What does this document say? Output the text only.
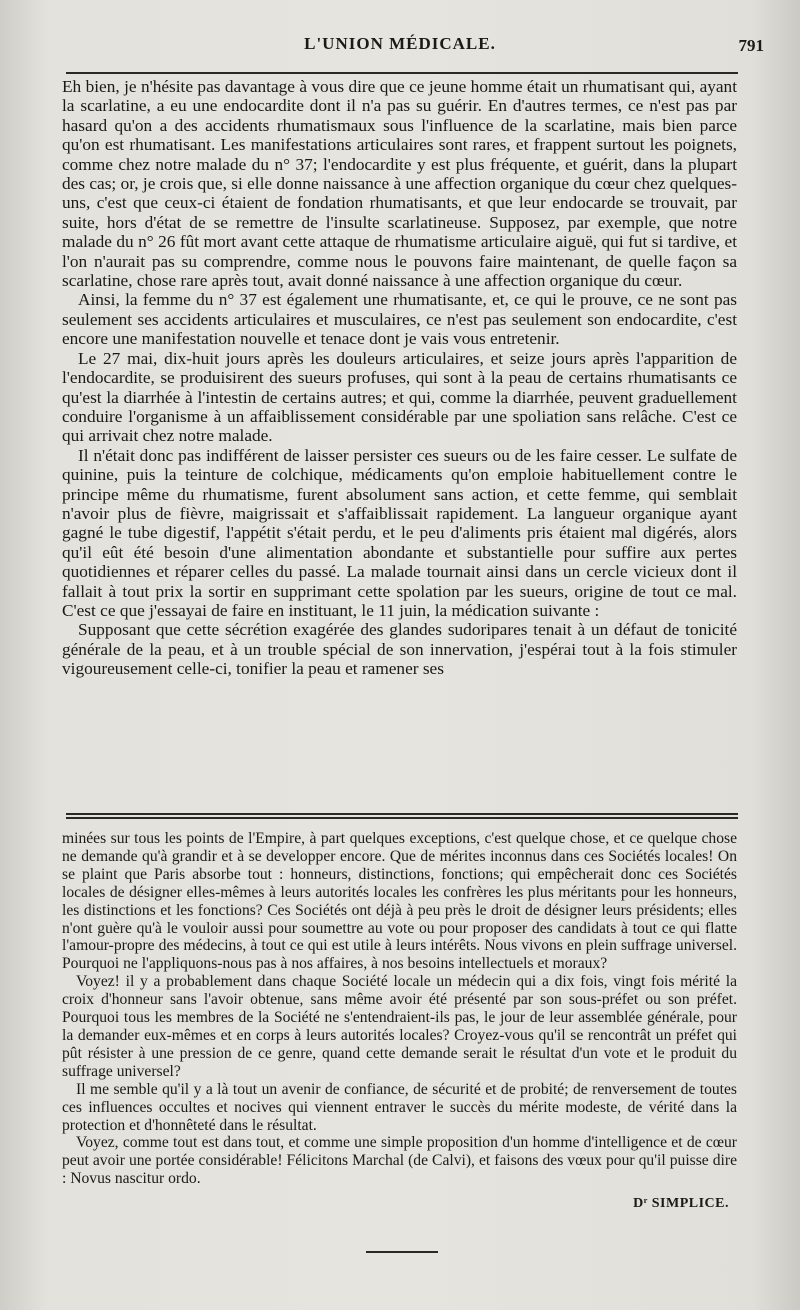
L'UNION MÉDICALE.	791

Eh bien, je n'hésite pas davantage à vous dire que ce jeune homme était un rhumatisant qui, ayant la scarlatine, a eu une endocardite dont il n'a pas su guérir. En d'autres termes, ce n'est pas par hasard qu'on a des accidents rhumatismaux sous l'influence de la scarlatine, mais bien parce qu'on est rhumatisant. Les manifestations articulaires sont rares, et frappent surtout les poignets, comme chez notre malade du n° 37; l'endocardite y est plus fréquente, et guérit, dans la plupart des cas; or, je crois que, si elle donne naissance à une affection organique du cœur chez quelques-uns, c'est que ceux-ci étaient de fondation rhumatisants, et que leur endocarde se trouvait, par suite, hors d'état de se remettre de l'insulte scarlatineuse. Supposez, par exemple, que notre malade du n° 26 fût mort avant cette attaque de rhumatisme articulaire aiguë, qui fut si tardive, et l'on n'aurait pas su comprendre, comme nous le pouvons faire maintenant, de quelle façon sa scarlatine, chose rare après tout, avait donné naissance à une affection organique du cœur.

Ainsi, la femme du n° 37 est également une rhumatisante, et, ce qui le prouve, ce ne sont pas seulement ses accidents articulaires et musculaires, ce n'est pas seulement son endocardite, c'est encore une manifestation nouvelle et tenace dont je vais vous entretenir.

Le 27 mai, dix-huit jours après les douleurs articulaires, et seize jours après l'apparition de l'endocardite, se produisirent des sueurs profuses, qui sont à la peau de certains rhumatisants ce qu'est la diarrhée à l'intestin de certains autres; et qui, comme la diarrhée, peuvent graduellement conduire l'organisme à un affaiblissement considérable par une spoliation sans relâche. C'est ce qui arrivait chez notre malade.

Il n'était donc pas indifférent de laisser persister ces sueurs ou de les faire cesser. Le sulfate de quinine, puis la teinture de colchique, médicaments qu'on emploie habituellement contre le principe même du rhumatisme, furent absolument sans action, et cette femme, qui semblait n'avoir plus de fièvre, maigrissait et s'affaiblissait rapidement. La langueur organique ayant gagné le tube digestif, l'appétit s'était perdu, et le peu d'aliments pris étaient mal digérés, alors qu'il eût été besoin d'une alimentation abondante et substantielle pour suffire aux pertes quotidiennes et réparer celles du passé. La malade tournait ainsi dans un cercle vicieux dont il fallait à tout prix la sortir en supprimant cette spolation par les sueurs, origine de tout ce mal. C'est ce que j'essayai de faire en instituant, le 11 juin, la médication suivante :

Supposant que cette sécrétion exagérée des glandes sudoripares tenait à un défaut de tonicité générale de la peau, et à un trouble spécial de son innervation, j'espérai tout à la fois stimuler vigoureusement celle-ci, tonifier la peau et ramener ses

minées sur tous les points de l'Empire, à part quelques exceptions, c'est quelque chose, et ce quelque chose ne demande qu'à grandir et à se developper encore. Que de mérites inconnus dans ces Sociétés locales! On se plaint que Paris absorbe tout : honneurs, distinctions, fonctions; qui empêcherait donc ces Sociétés locales de désigner elles-mêmes à leurs autorités locales les confrères les plus méritants pour les honneurs, les distinctions et les fonctions? Ces Sociétés ont déjà à peu près le droit de désigner leurs présidents; elles n'ont guère qu'à le vouloir aussi pour soumettre au vote ou pour proposer des candidats à tout ce qui flatte l'amour-propre des médecins, à tout ce qui est utile à leurs intérêts. Nous vivons en plein suffrage universel. Pourquoi ne l'appliquons-nous pas à nos affaires, à nos besoins intellectuels et moraux?

Voyez! il y a probablement dans chaque Société locale un médecin qui a dix fois, vingt fois mérité la croix d'honneur sans l'avoir obtenue, sans même avoir été présenté par son sous-préfet ou son préfet. Pourquoi tous les membres de la Société ne s'entendraient-ils pas, le jour de leur assemblée générale, pour la demander eux-mêmes et en corps à leurs autorités locales? Croyez-vous qu'il se rencontrât un préfet qui pût résister à une pression de ce genre, quand cette demande serait le résultat d'un vote et le produit du suffrage universel?

Il me semble qu'il y a là tout un avenir de confiance, de sécurité et de probité; de renversement de toutes ces influences occultes et nocives qui viennent entraver le succès du mérite modeste, de vérité dans la protection et d'honnêteté dans le résultat.

Voyez, comme tout est dans tout, et comme une simple proposition d'un homme d'intelligence et de cœur peut avoir une portée considérable! Félicitons Marchal (de Calvi), et faisons des vœux pour qu'il puisse dire : Novus nascitur ordo.

Dʳ SIMPLICE.
